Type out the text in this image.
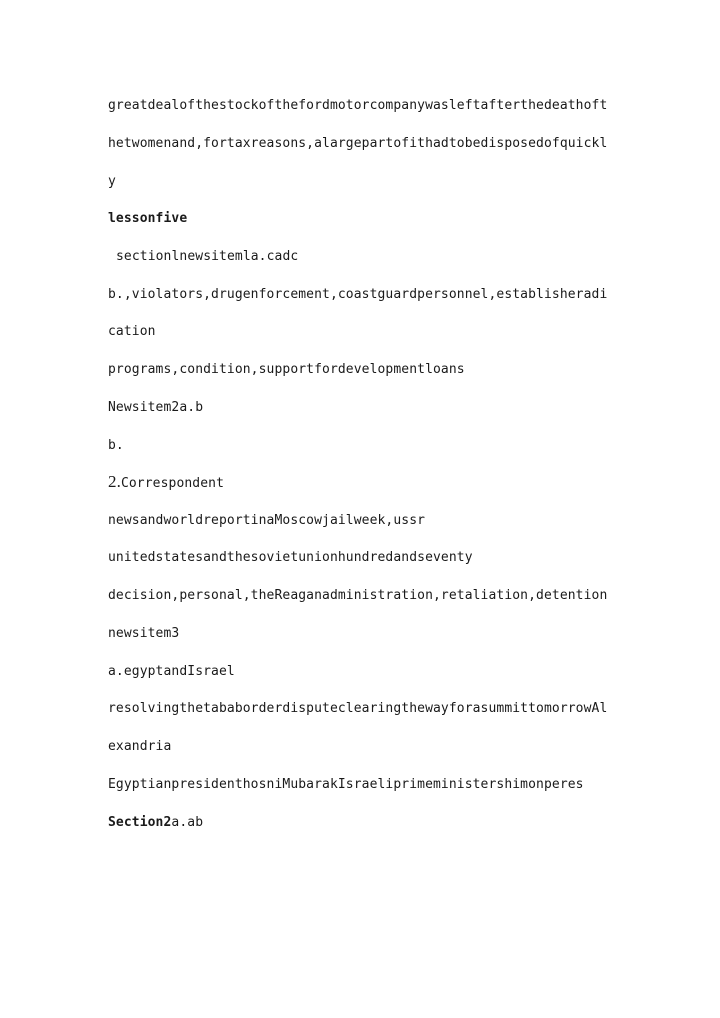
greatdealofthestockofthefordmotorcompanywasleftafterthedeathoft
hetwomenand,fortaxreasons,alargepartofithadtobedisposedofquickl
y
lessonfive
sectionlnewsitemla.cadc
b.,violators,drugenforcement,coastguardpersonnel,establisheradi
cation
programs,condition,supportfordevelopmentloans
Newsitem2a.b
b.
2.Correspondent
newsandworldreportinaMoscowjailweek,ussr
unitedstatesandthesovietunionhundredandseventy
decision,personal,theReaganadministration,retaliation,detention
newsitem3
a.egyptandIsrael
resolvingthetababorderdisputeclearingthewayforasummittomorrowAl
exandria
EgyptianpresidenthosniMubarakIsraeliprimeministershimonperes
Section2a.ab
